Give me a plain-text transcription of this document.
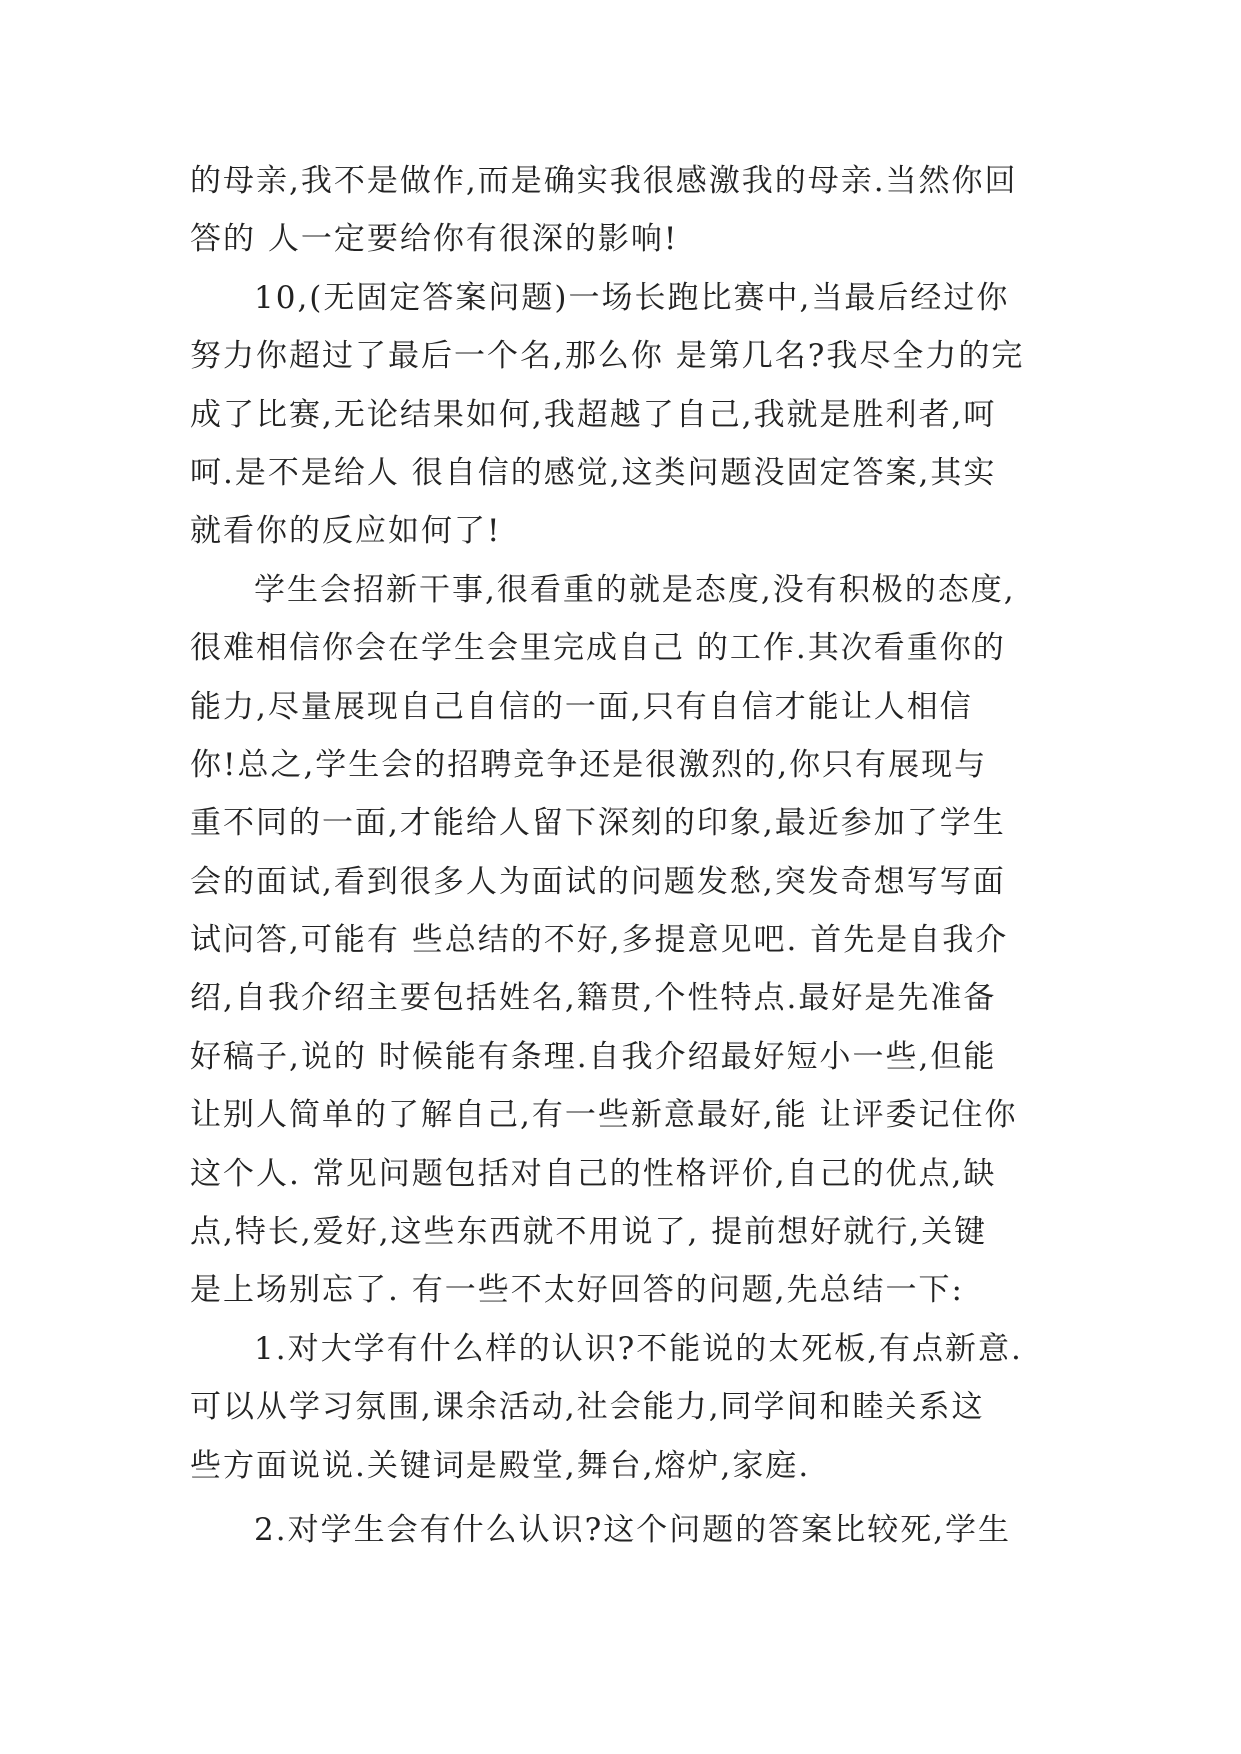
的母亲,我不是做作,而是确实我很感激我的母亲.当然你回
答的 人一定要给你有很深的影响!
10,(无固定答案问题)一场长跑比赛中,当最后经过你
努力你超过了最后一个名,那么你 是第几名?我尽全力的完
成了比赛,无论结果如何,我超越了自己,我就是胜利者,呵
呵.是不是给人 很自信的感觉,这类问题没固定答案,其实
就看你的反应如何了!
学生会招新干事,很看重的就是态度,没有积极的态度,
很难相信你会在学生会里完成自己 的工作.其次看重你的
能力,尽量展现自己自信的一面,只有自信才能让人相信
你!总之,学生会的招聘竞争还是很激烈的,你只有展现与
重不同的一面,才能给人留下深刻的印象,最近参加了学生
会的面试,看到很多人为面试的问题发愁,突发奇想写写面
试问答,可能有 些总结的不好,多提意见吧. 首先是自我介
绍,自我介绍主要包括姓名,籍贯,个性特点.最好是先准备
好稿子,说的 时候能有条理.自我介绍最好短小一些,但能
让别人简单的了解自己,有一些新意最好,能 让评委记住你
这个人. 常见问题包括对自己的性格评价,自己的优点,缺
点,特长,爱好,这些东西就不用说了, 提前想好就行,关键
是上场别忘了. 有一些不太好回答的问题,先总结一下:
1.对大学有什么样的认识?不能说的太死板,有点新意.
可以从学习氛围,课余活动,社会能力,同学间和睦关系这
些方面说说.关键词是殿堂,舞台,熔炉,家庭.
2.对学生会有什么认识?这个问题的答案比较死,学生
